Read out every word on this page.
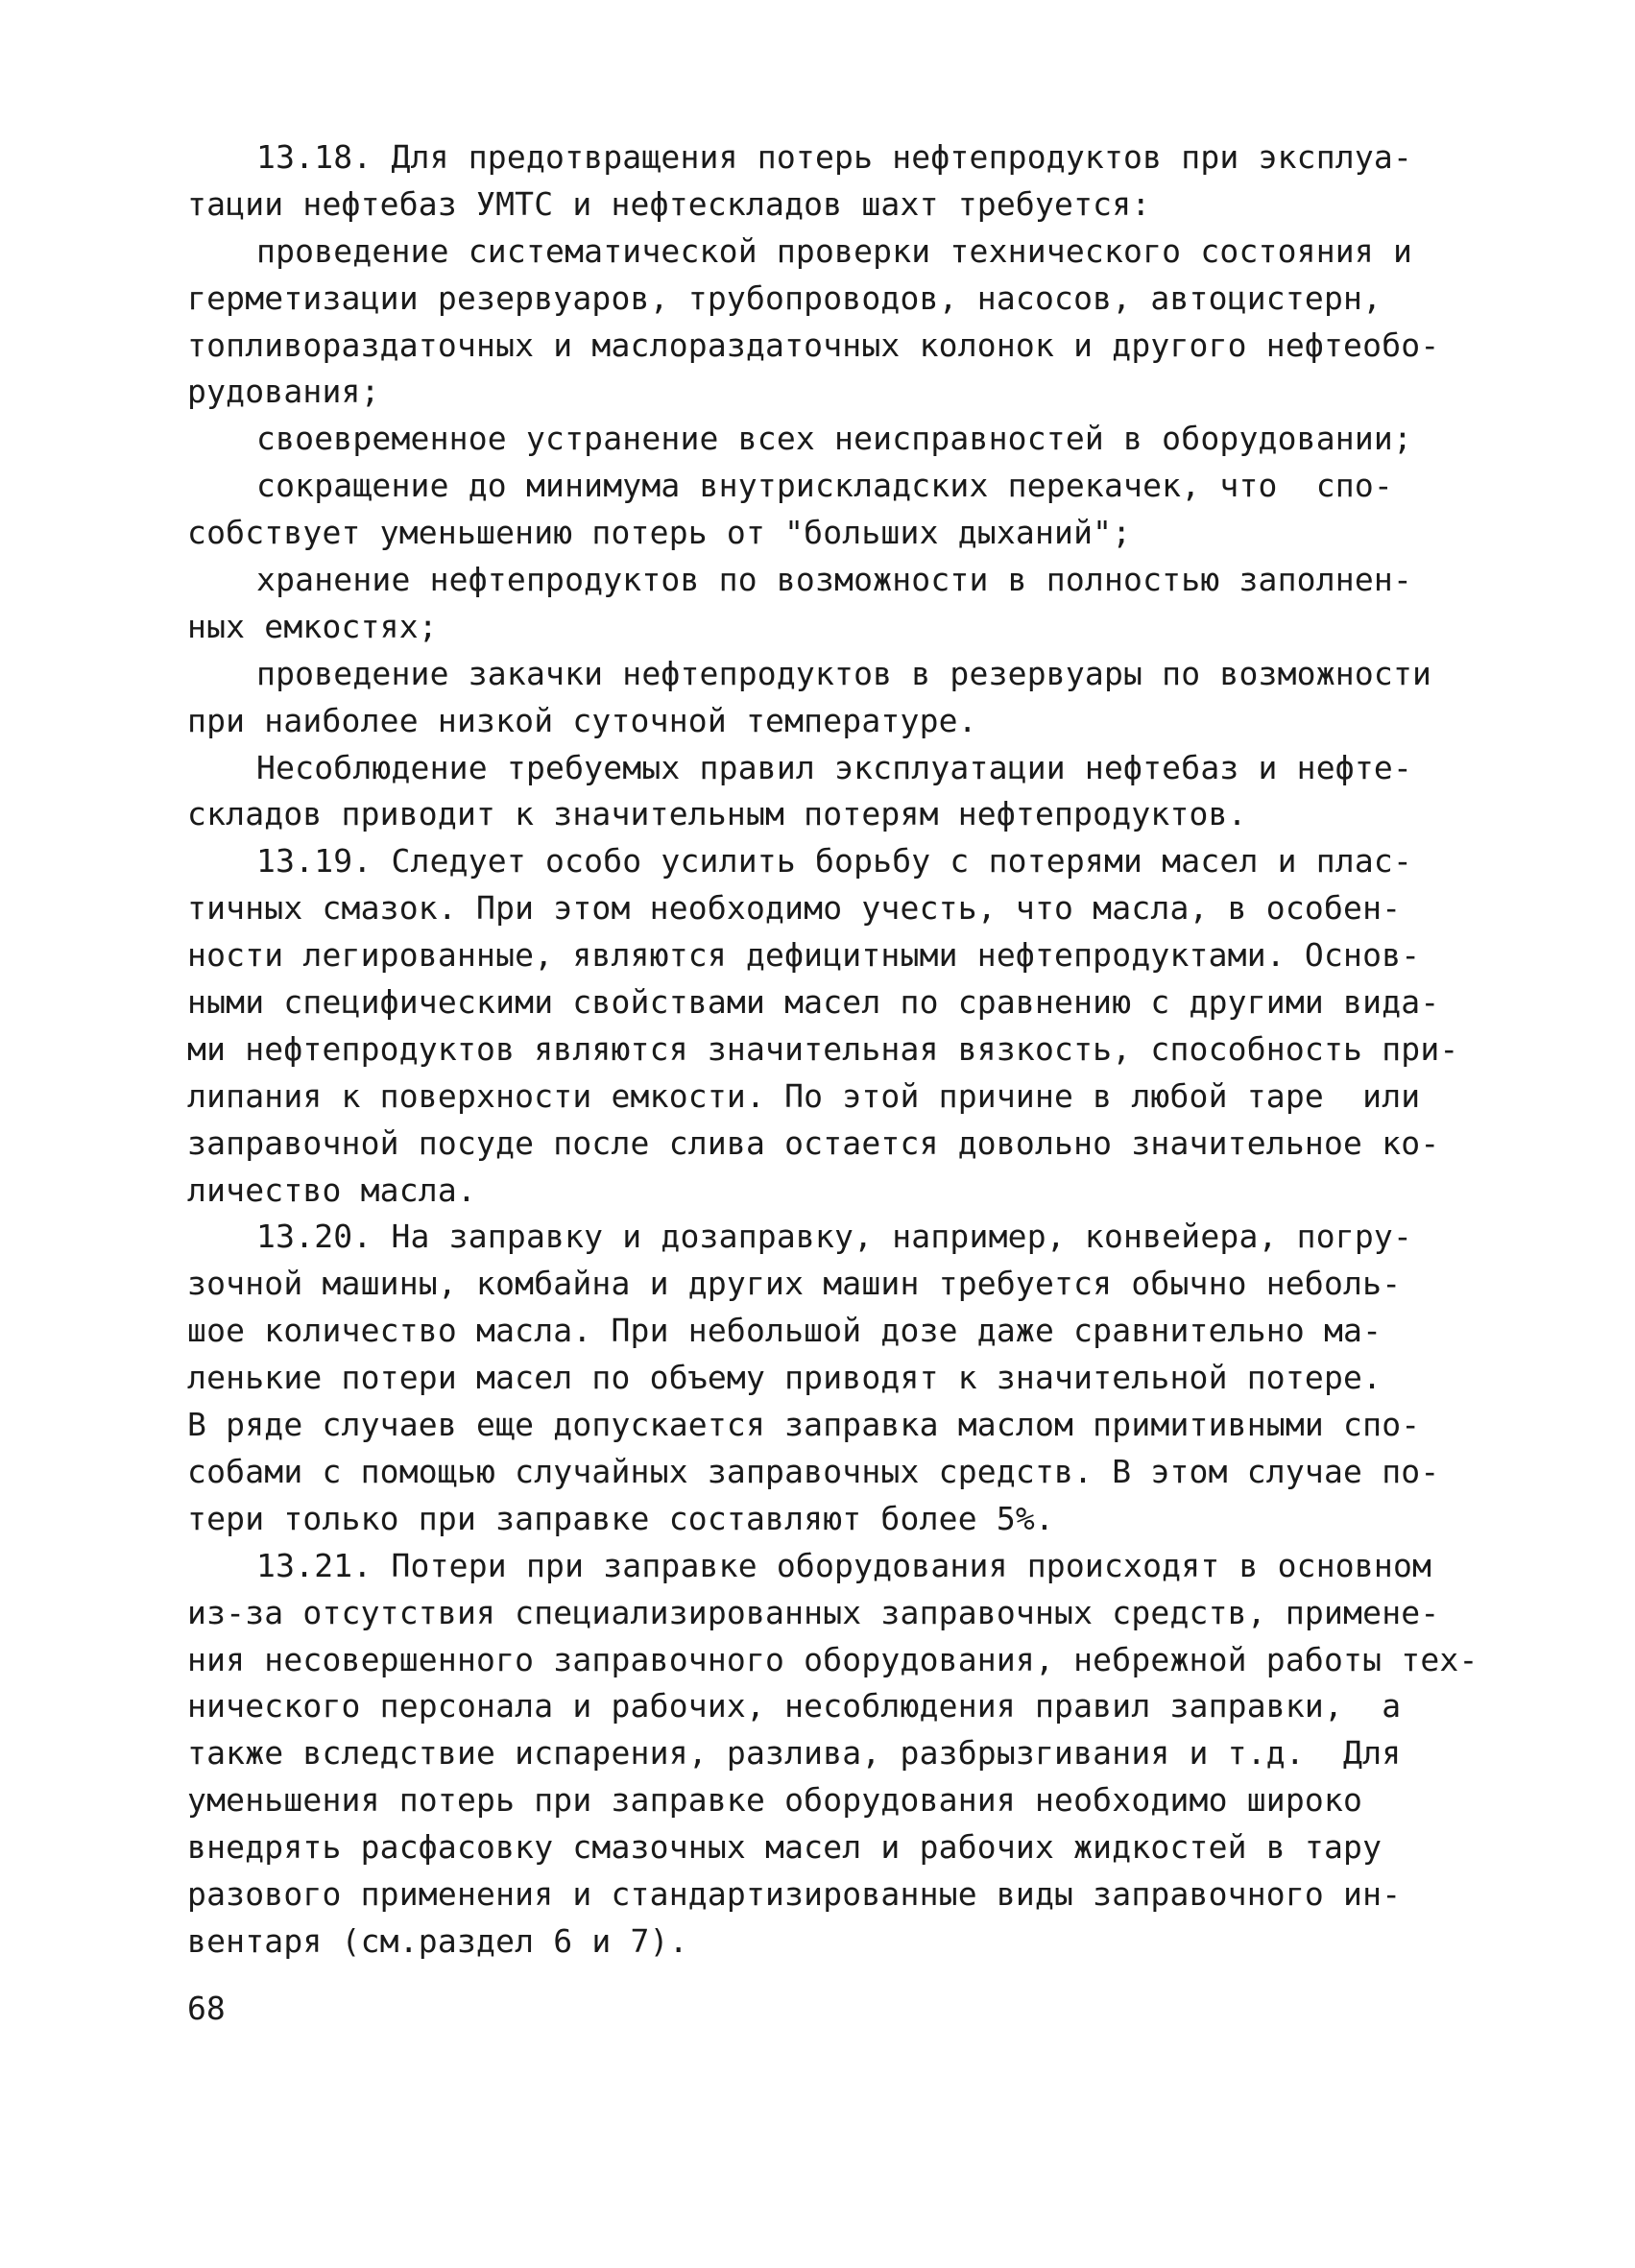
13.18. Для предотвращения потерь нефтепродуктов при эксплуа-
тации нефтебаз УМТС и нефтескладов шахт требуется:
проведение систематической проверки технического состояния и
герметизации резервуаров, трубопроводов, насосов, автоцистерн,
топливораздаточных и маслораздаточных колонок и другого нефтеобо-
рудования;
своевременное устранение всех неисправностей в оборудовании;
сокращение до минимума внутрискладских перекачек, что  спо-
собствует уменьшению потерь от "больших дыханий";
хранение нефтепродуктов по возможности в полностью заполнен-
ных емкостях;
проведение закачки нефтепродуктов в резервуары по возможности
при наиболее низкой суточной температуре.
Несоблюдение требуемых правил эксплуатации нефтебаз и нефте-
складов приводит к значительным потерям нефтепродуктов.
13.19. Следует особо усилить борьбу с потерями масел и плас-
тичных смазок. При этом необходимо учесть, что масла, в особен-
ности легированные, являются дефицитными нефтепродуктами. Основ-
ными специфическими свойствами масел по сравнению с другими вида-
ми нефтепродуктов являются значительная вязкость, способность при-
липания к поверхности емкости. По этой причине в любой таре  или
заправочной посуде после слива остается довольно значительное ко-
личество масла.
13.20. На заправку и дозаправку, например, конвейера, погру-
зочной машины, комбайна и других машин требуется обычно неболь-
шое количество масла. При небольшой дозе даже сравнительно ма-
ленькие потери масел по объему приводят к значительной потере.
В ряде случаев еще допускается заправка маслом примитивными спо-
собами с помощью случайных заправочных средств. В этом случае по-
тери только при заправке составляют более 5%.
13.21. Потери при заправке оборудования происходят в основном
из-за отсутствия специализированных заправочных средств, примене-
ния несовершенного заправочного оборудования, небрежной работы тех-
нического персонала и рабочих, несоблюдения правил заправки,  а
также вследствие испарения, разлива, разбрызгивания и т.д.  Для
уменьшения потерь при заправке оборудования необходимо широко
внедрять расфасовку смазочных масел и рабочих жидкостей в тару
разового применения и стандартизированные виды заправочного ин-
вентаря (см.раздел 6 и 7).
68
